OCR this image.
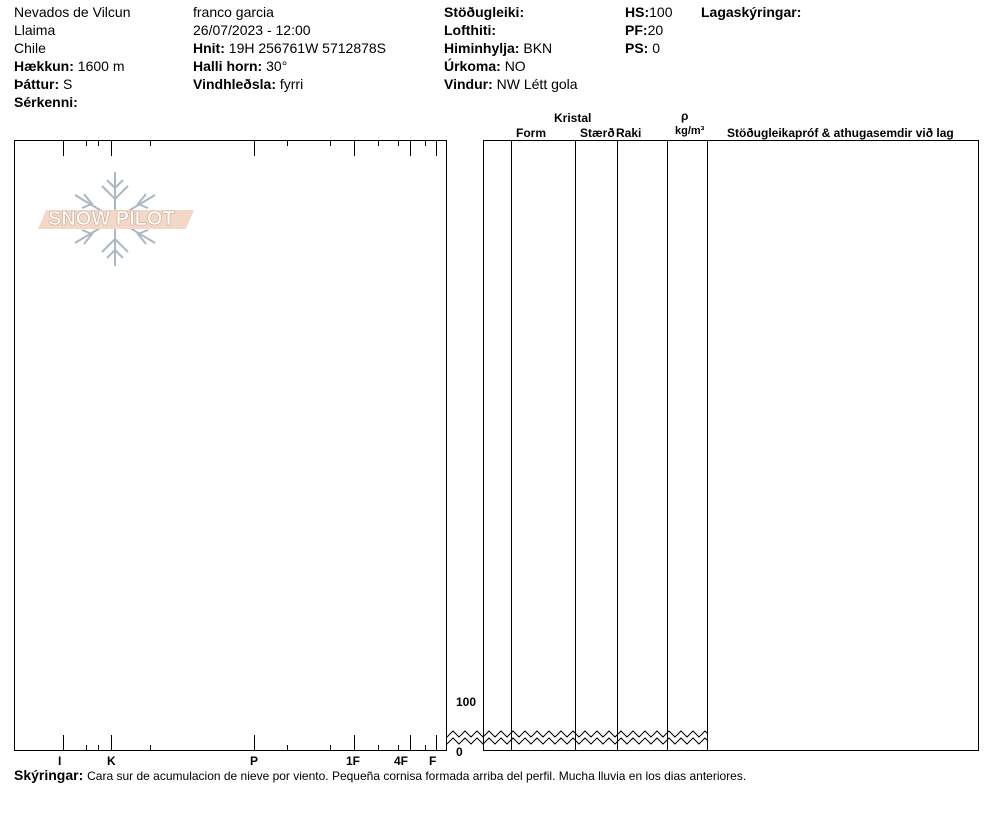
Nevados de Vilcun
Llaima
Chile
Hækkun: 1600 m
Þáttur: S
Sérkenni:
franco garcia
26/07/2023 - 12:00
Hnit: 19H 256761W 5712878S
Halli horn: 30°
Vindhleðsla: fyrri
Stöðugleiki:
Lofthiti:
Himinhylja: BKN
Úrkoma: NO
Vindur: NW Létt gola
HS:100
PF:20
PS: 0
Lagaskýringar:
SNOW PILOT
Kristal
Form	Stærð Raki
ρ
kg/m³ Stöðugleikapróf & athugasemdir við lag
100
0
I	K	P	1F	4F F
Skýringar: Cara sur de acumulacion de nieve por viento. Pequeña cornisa formada arriba del perfil. Mucha lluvia en los dias anteriores.
